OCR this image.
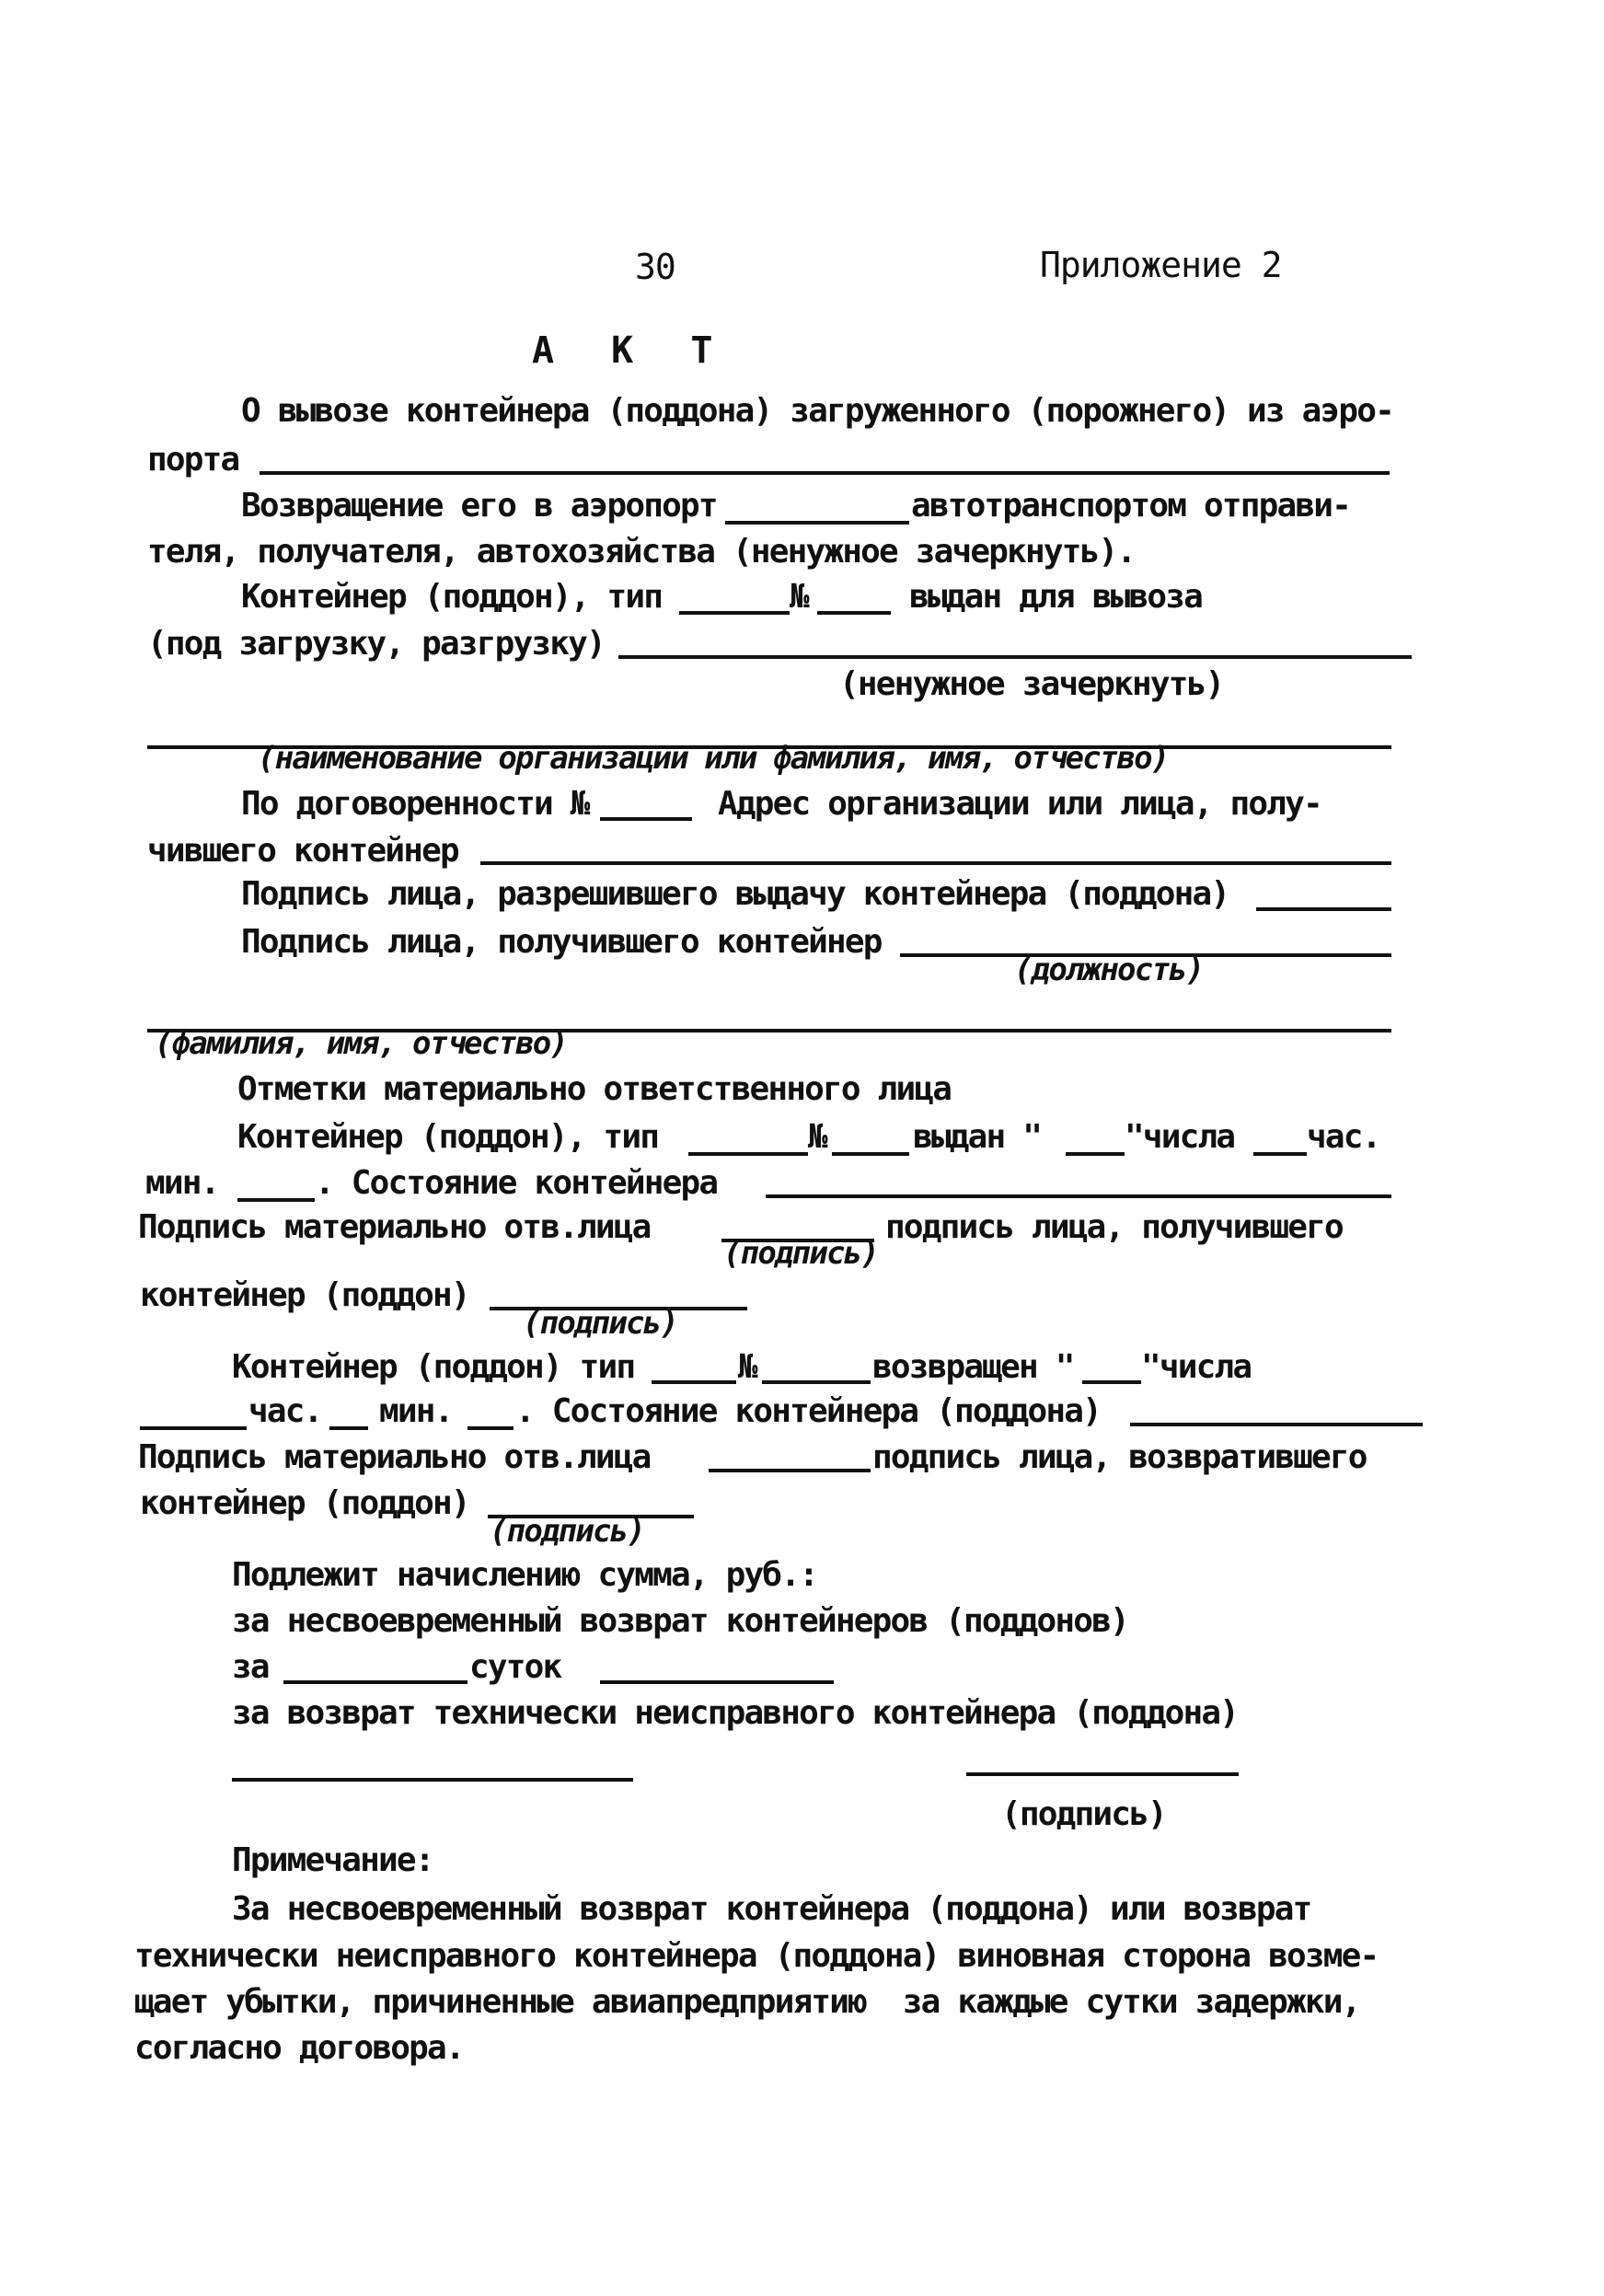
30	Приложение 2
А К Т
О вывозе контейнера (поддона) загруженного (порожнего) из аэро-
порта
Возвращение его в аэропорт	автотранспортом отправи-
теля, получателя, автохозяйства (ненужное зачеркнуть).
Контейнер (поддон), тип	№	выдан для вывоза
(под загрузку, разгрузку)
(ненужное зачеркнуть)
(наименование организации или фамилия, имя, отчество)
По договоренности №	Адрес организации или лица, полу-
чившего контейнер
Подпись лица, разрешившего выдачу контейнера (поддона)
Подпись лица, получившего контейнер
(должность)
(фамилия, имя, отчество)
Отметки материально ответственного лица
Контейнер (поддон), тип	№	выдан "	"числа час.
мин.	. Состояние контейнера
Подпись материально отв.лица	подпись лица, получившего
(подпись)
контейнер (поддон)
(подпись)
Контейнер (поддон) тип	№	возвращен " "числа
час. мин. . Состояние контейнера (поддона)
Подпись материально отв.лица	подпись лица, возвратившего
контейнер (поддон)
(подпись)
Подлежит начислению сумма, руб.:
за несвоевременный возврат контейнеров (поддонов)
за	суток
за возврат технически неисправного контейнера (поддона)
(подпись)
Примечание:
За несвоевременный возврат контейнера (поддона) или возврат
технически неисправного контейнера (поддона) виновная сторона возме-
щает убытки, причиненные авиапредприятию  за каждые сутки задержки,
согласно договора.
